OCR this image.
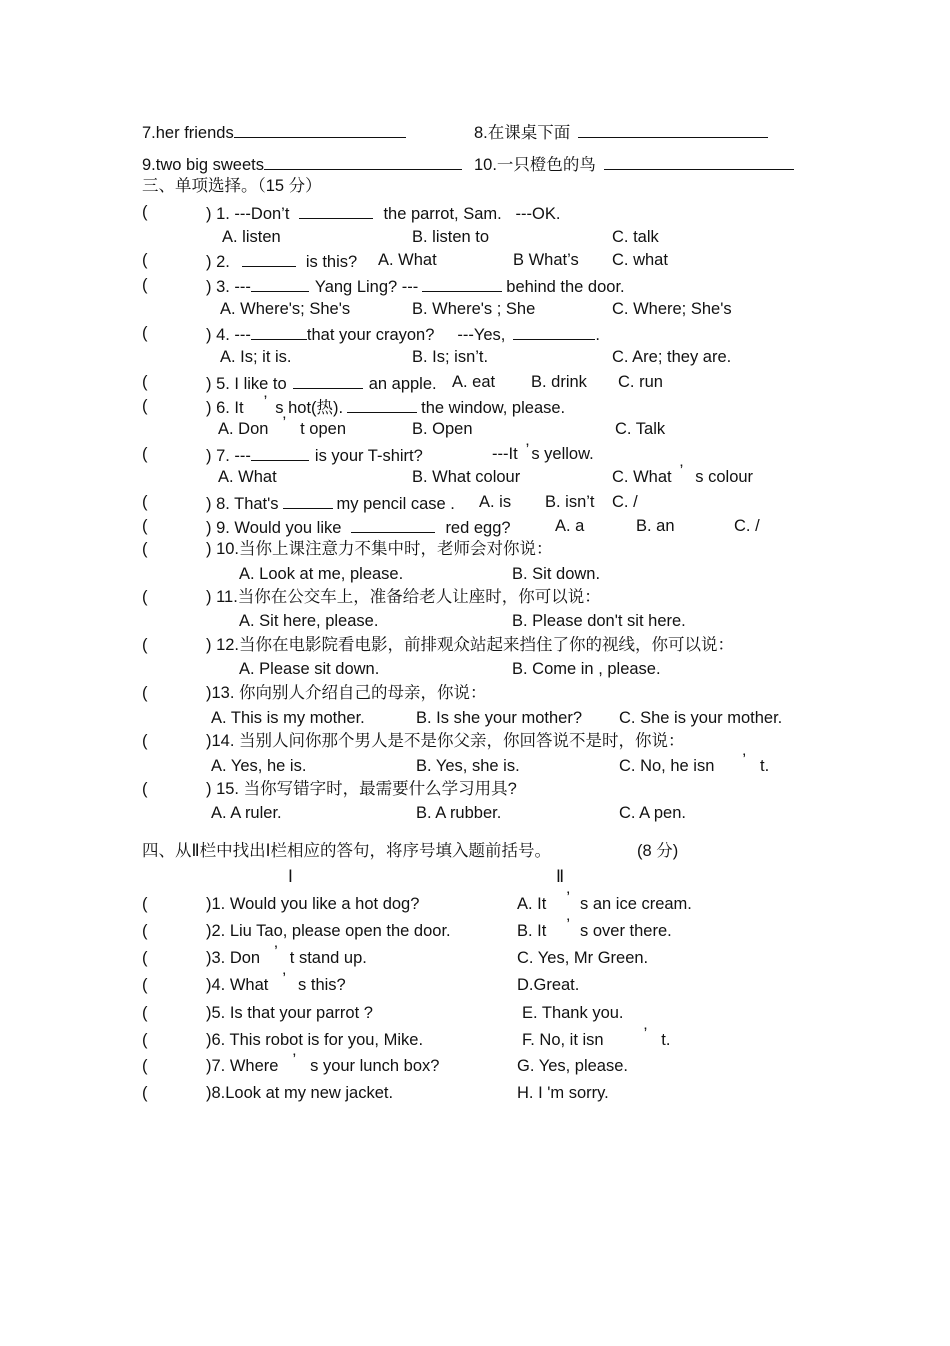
7.her friends	8.在课桌下面
9.two big sweets	10.一只橙色的鸟
三、单项选择。（15 分）
(	) 1. ---Don’t	the parrot, Sam. ---OK.
A. listen	B. listen to	C. talk
(	) 2.	is this? A. What	B What’s C. what
(	) 3. ---	Yang Ling? ---	behind the door.
A. Where's; She's	B. Where's ; She	C. Where; She's
(	) 4. ---	that your crayon? ---Yes,	.
A. Is; it is.	B. Is; isn’t.	C. Are; they are.
(	) 5. I like to	an apple. A. eat B. drink C. run
(	) 6. It ’ s hot(热).	the window, please.
A. Don ’ t open	B. Open	C. Talk
(	) 7. ---	is your T-shirt?	---It ’ s yellow.
A. What	B. What colour	C. What ’ s colour
(	) 8. That's	my pencil case . A. is B. isn’t C. /
(	) 9. Would you like	red egg?	A. a	B. an	C. /
(	) 10.当你上课注意力不集中时，老师会对你说：
A. Look at me, please.	B. Sit down.
(	) 11.当你在公交车上，准备给老人让座时，你可以说：
A. Sit here, please.	B. Please don't sit here.
(	) 12.当你在电影院看电影，前排观众站起来挡住了你的视线，你可以说：
A. Please sit down.	B. Come in , please.
(	)13. 你向别人介绍自己的母亲，你说：
A. This is my mother.	B. Is she your mother? C. She is your mother.
(	)14. 当别人问你那个男人是不是你父亲，你回答说不是时，你说：
A. Yes, he is.	B. Yes, she is.	C. No, he isn ’ t.
(	) 15. 当你写错字时，最需要什么学习用具?
A. A ruler.	B. A rubber.	C. A pen.
四、从Ⅱ栏中找出Ⅰ栏相应的答句，将序号填入题前括号。	(8 分)
Ⅰ	Ⅱ
(	)1. Would you like a hot dog?	A. It ’ s an ice cream.
(	)2. Liu Tao, please open the door.	B. It ’ s over there.
(	)3. Don ’ t stand up.	C. Yes, Mr Green.
(	)4. What ’ s this?	D.Great.
(	)5. Is that your parrot ?	E. Thank you.
(	)6. This robot is for you, Mike.	F. No, it isn ’ t.
(	)7. Where ’ s your lunch box?	G. Yes, please.
(	)8.Look at my new jacket.	H. I 'm sorry.
